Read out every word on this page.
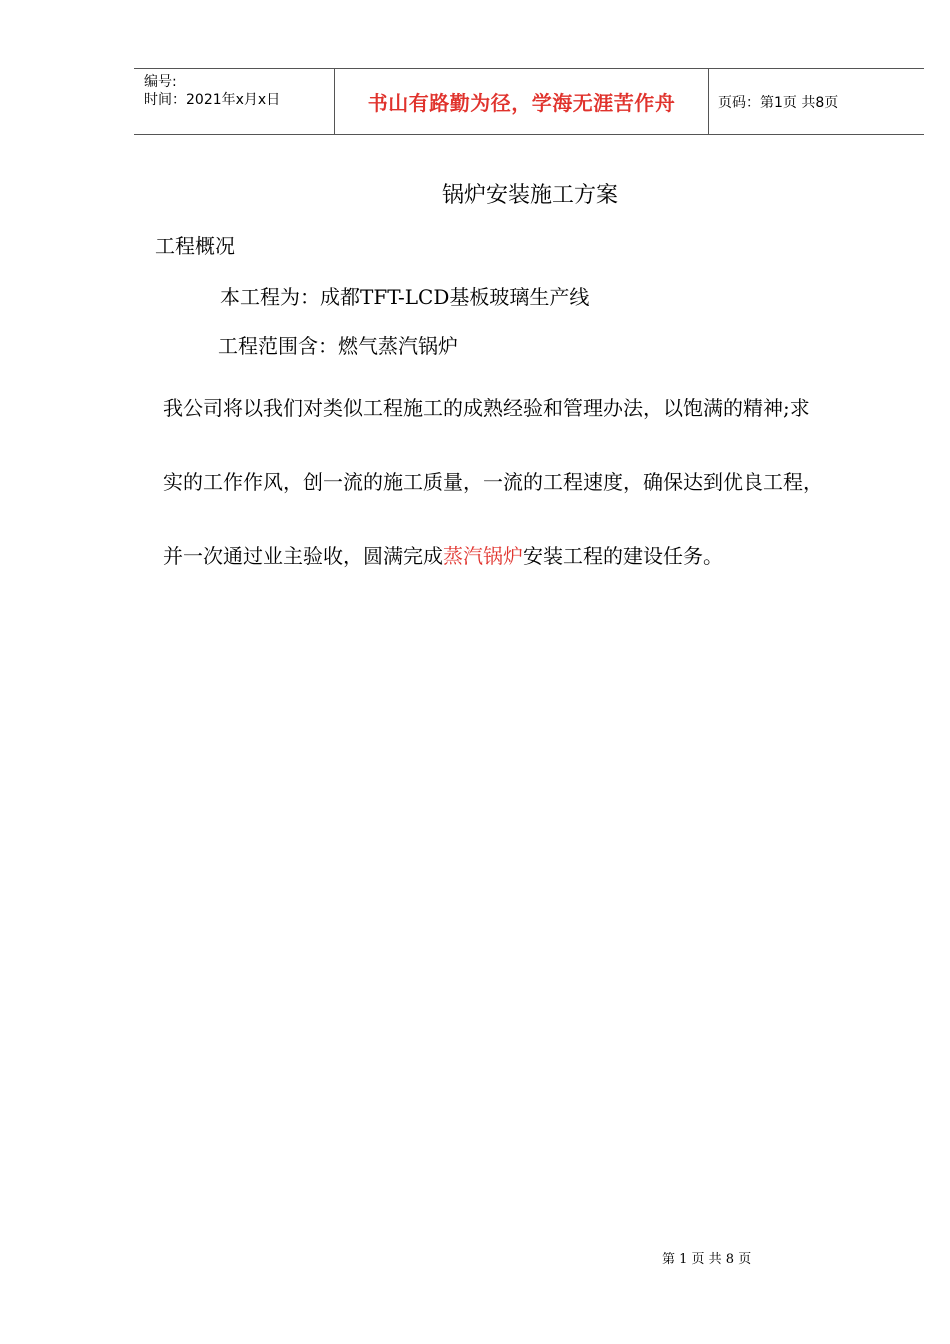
编号:
时间：2021年x月x日	书山有路勤为径，学海无涯苦作舟	页码：第1页 共8页
锅炉安装施工方案
工程概况
本工程为：成都TFT-LCD基板玻璃生产线
工程范围含：燃气蒸汽锅炉
我公司将以我们对类似工程施工的成熟经验和管理办法，以饱满的精神;求
实的工作作风，创一流的施工质量，一流的工程速度，确保达到优良工程，
并一次通过业主验收，圆满完成蒸汽锅炉安装工程的建设任务。
第 1 页 共 8 页
